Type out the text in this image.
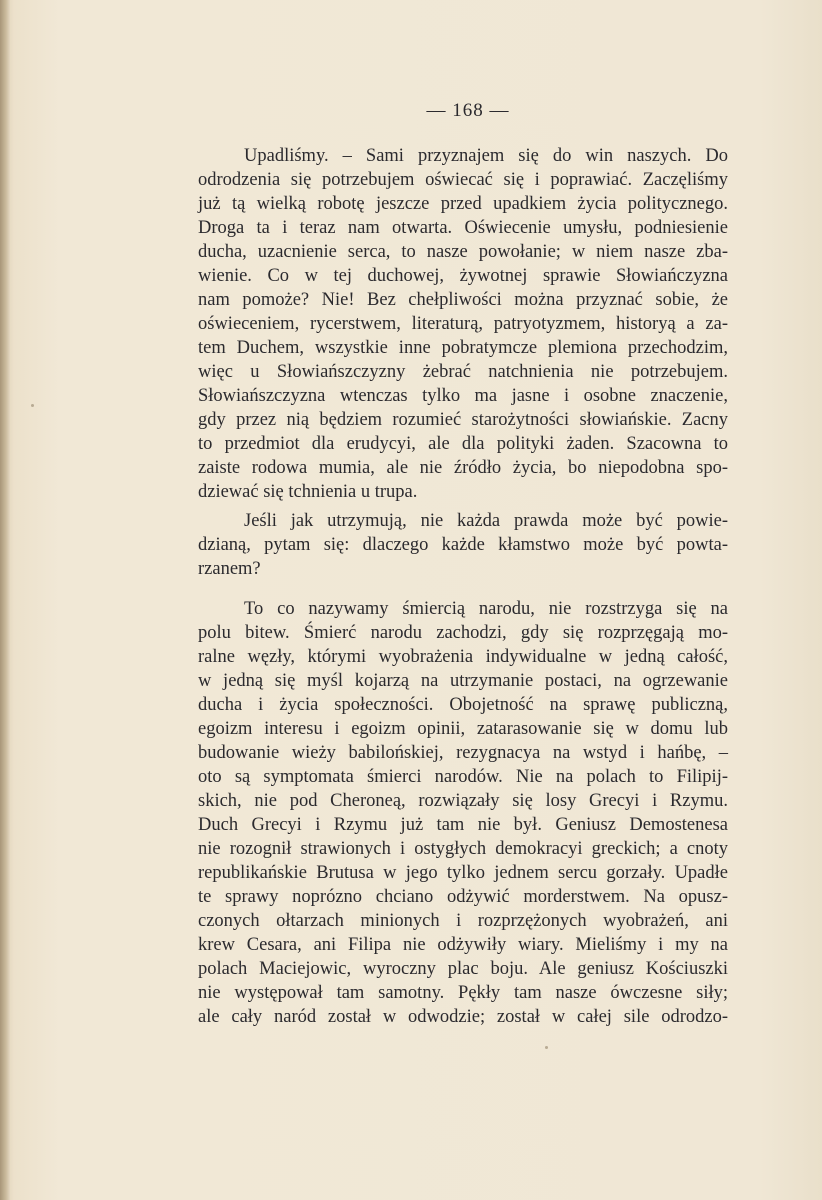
— 168 —
Upadliśmy. – Sami przyznajem się do win naszych. Do
odrodzenia się potrzebujem oświecać się i poprawiać. Zaczęliśmy
już tą wielką robotę jeszcze przed upadkiem życia politycznego.
Droga ta i teraz nam otwarta. Oświecenie umysłu, podniesienie
ducha, uzacnienie serca, to nasze powołanie; w niem nasze zba-
wienie. Co w tej duchowej, żywotnej sprawie Słowiańczyzna
nam pomoże? Nie! Bez chełpliwości można przyznać sobie, że
oświeceniem, rycerstwem, literaturą, patryotyzmem, historyą a za-
tem Duchem, wszystkie inne pobratymcze plemiona przechodzim,
więc u Słowiańszczyzny żebrać natchnienia nie potrzebujem.
Słowiańszczyzna wtenczas tylko ma jasne i osobne znaczenie,
gdy przez nią będziem rozumieć starożytności słowiańskie. Zacny
to przedmiot dla erudycyi, ale dla polityki żaden. Szacowna to
zaiste rodowa mumia, ale nie źródło życia, bo niepodobna spo-
dziewać się tchnienia u trupa.
Jeśli jak utrzymują, nie każda prawda może być powie-
dzianą, pytam się: dlaczego każde kłamstwo może być powta-
rzanem?
To co nazywamy śmiercią narodu, nie rozstrzyga się na
polu bitew. Śmierć narodu zachodzi, gdy się rozprzęgają mo-
ralne węzły, którymi wyobrażenia indywidualne w jedną całość,
w jedną się myśl kojarzą na utrzymanie postaci, na ogrzewanie
ducha i życia społeczności. Obojetność na sprawę publiczną,
egoizm interesu i egoizm opinii, zatarasowanie się w domu lub
budowanie wieży babilońskiej, rezygnacya na wstyd i hańbę, –
oto są symptomata śmierci narodów. Nie na polach to Filipij-
skich, nie pod Cheroneą, rozwiązały się losy Grecyi i Rzymu.
Duch Grecyi i Rzymu już tam nie był. Geniusz Demostenesa
nie rozognił strawionych i ostygłych demokracyi greckich; a cnoty
republikańskie Brutusa w jego tylko jednem sercu gorzały. Upadłe
te sprawy noprózno chciano odżywić morderstwem. Na opusz-
czonych ołtarzach minionych i rozprzężonych wyobrażeń, ani
krew Cesara, ani Filipa nie odżywiły wiary. Mieliśmy i my na
polach Maciejowic, wyroczny plac boju. Ale geniusz Kościuszki
nie występował tam samotny. Pękły tam nasze ówczesne siły;
ale cały naród został w odwodzie; został w całej sile odrodzo-
